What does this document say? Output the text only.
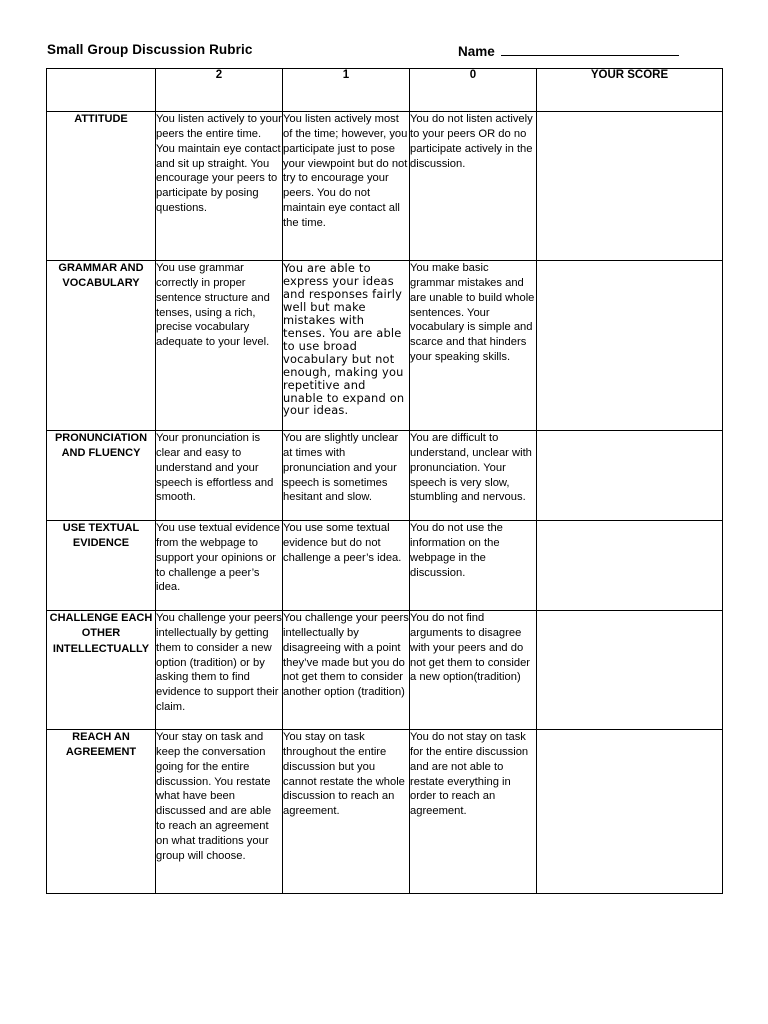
Small Group Discussion Rubric	Name
	2	1	0	YOUR SCORE
ATTITUDE	You listen actively to your peers the entire time. You maintain eye contact and sit up straight. You encourage your peers to participate by posing questions.	You listen actively most of the time; however, you participate just to pose your viewpoint but do not try to encourage your peers. You do not maintain eye contact all the time.	You do not listen actively to your peers OR do no participate actively in the discussion.	
GRAMMAR AND VOCABULARY	You use grammar correctly in proper sentence structure and tenses, using a rich, precise vocabulary adequate to your level.	You are able to express your ideas and responses fairly well but make mistakes with tenses. You are able to use broad vocabulary but not enough, making you repetitive and unable to expand on your ideas.	You make basic grammar mistakes and are unable to build whole sentences. Your vocabulary is simple and scarce and that hinders your speaking skills.	
PRONUNCIATION AND FLUENCY	Your pronunciation is clear and easy to understand and your speech is effortless and smooth.	You are slightly unclear at times with pronunciation and your speech is sometimes hesitant and slow.	You are difficult to understand, unclear with pronunciation. Your speech is very slow, stumbling and nervous.	
USE TEXTUAL EVIDENCE	You use textual evidence from the webpage to support your opinions or to challenge a peer’s idea.	You use some textual evidence but do not challenge a peer’s idea.	You do not use the information on the webpage in the discussion.	
CHALLENGE EACH OTHER INTELLECTUALLY	You challenge your peers intellectually by getting them to consider a new option (tradition) or by asking them to find evidence to support their claim.	You challenge your peers intellectually by disagreeing with a point they’ve made but you do not get them to consider another option (tradition)	You do not find arguments to disagree with your peers and do not get them to consider a new option(tradition)	
REACH AN AGREEMENT	Your stay on task and keep the conversation going for the entire discussion. You restate what have been discussed and are able to reach an agreement on what traditions your group will choose.	You stay on task throughout the entire discussion but you cannot restate the whole discussion to reach an agreement.	You do not stay on task for the entire discussion and are not able to restate everything in order to reach an agreement.	
